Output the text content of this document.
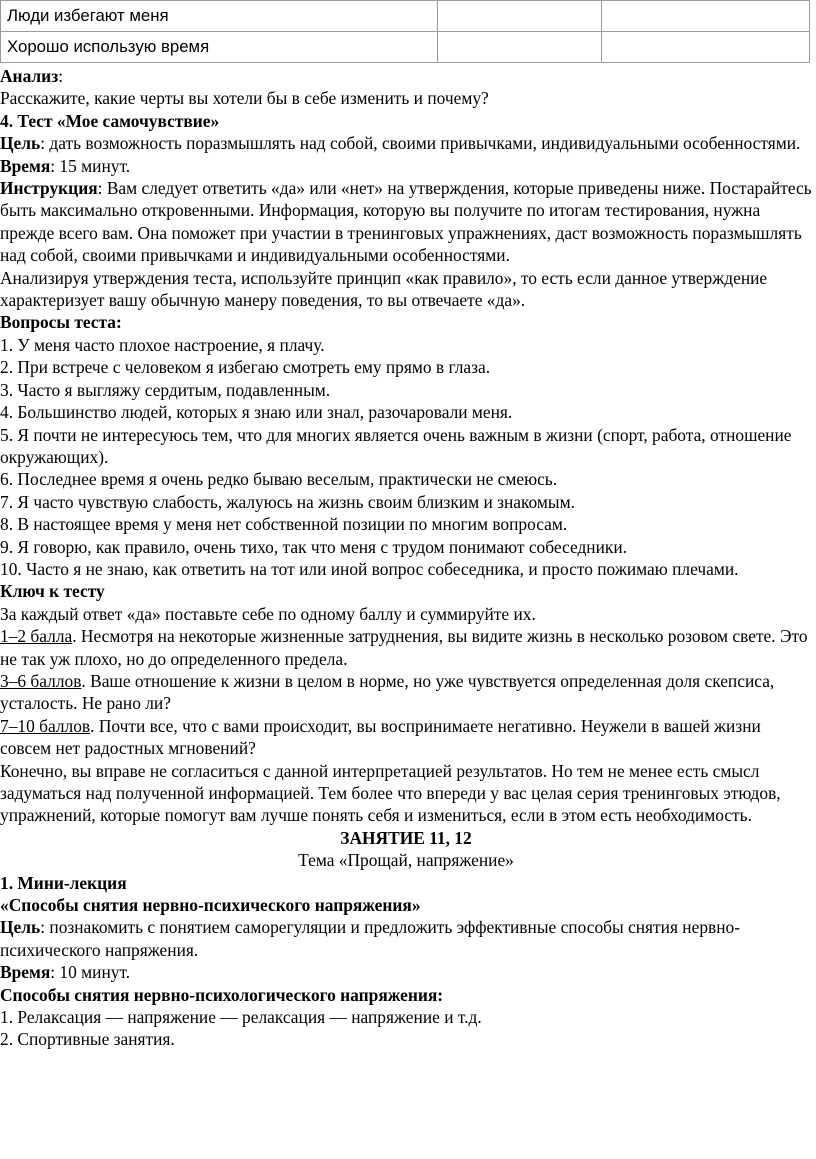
Люди избегают меня		
Хорошо использую время		

Анализ:

Расскажите, какие черты вы хотели бы в себе изменить и почему?

4. Тест «Мое самочувствие»

Цель: дать возможность поразмышлять над собой, своими привычками, индивидуальными особенностями.

Время: 15 минут.

Инструкция: Вам следует ответить «да» или «нет» на утверждения, которые приведены ниже. Постарайтесь быть максимально откровенными. Информация, которую вы получите по итогам тестирования, нужна прежде всего вам. Она поможет при участии в тренинговых упражнениях, даст возможность поразмышлять над собой, своими привычками и индивидуальными особенностями.

Анализируя утверждения теста, используйте принцип «как правило», то есть если данное утверждение характеризует вашу обычную манеру поведения, то вы отвечаете «да».

Вопросы теста:

1. У меня часто плохое настроение, я плачу.

2. При встрече с человеком я избегаю смотреть ему прямо в глаза.

3. Часто я выгляжу сердитым, подавленным.

4. Большинство людей, которых я знаю или знал, разочаровали меня.

5. Я почти не интересуюсь тем, что для многих является очень важным в жизни (спорт, работа, отношение окружающих).

6. Последнее время я очень редко бываю веселым, практически не смеюсь.

7. Я часто чувствую слабость, жалуюсь на жизнь своим близким и знакомым.

8. В настоящее время у меня нет собственной позиции по многим вопросам.

9. Я говорю, как правило, очень тихо, так что меня с трудом понимают собеседники.

10. Часто я не знаю, как ответить на тот или иной вопрос собеседника, и просто пожимаю плечами.

Ключ к тесту

За каждый ответ «да» поставьте себе по одному баллу и суммируйте их.

1–2 балла. Несмотря на некоторые жизненные затруднения, вы видите жизнь в несколько розовом свете. Это не так уж плохо, но до определенного предела.

3–6 баллов. Ваше отношение к жизни в целом в норме, но уже чувствуется определенная доля скепсиса, усталость. Не рано ли?

7–10 баллов. Почти все, что с вами происходит, вы воспринимаете негативно. Неужели в вашей жизни совсем нет радостных мгновений?

Конечно, вы вправе не согласиться с данной интерпретацией результатов. Но тем не менее есть смысл задуматься над полученной информацией. Тем более что впереди у вас целая серия тренинговых этюдов, упражнений, которые помогут вам лучше понять себя и измениться, если в этом есть необходимость.

ЗАНЯТИЕ 11, 12

Тема «Прощай, напряжение»

1. Мини-лекция

«Способы снятия нервно-психического напряжения»

Цель: познакомить с понятием саморегуляции и предложить эффективные способы снятия нервно-психического напряжения.

Время: 10 минут.

Способы снятия нервно-психологического напряжения:

1. Релаксация — напряжение — релаксация — напряжение и т.д.

2. Спортивные занятия.
